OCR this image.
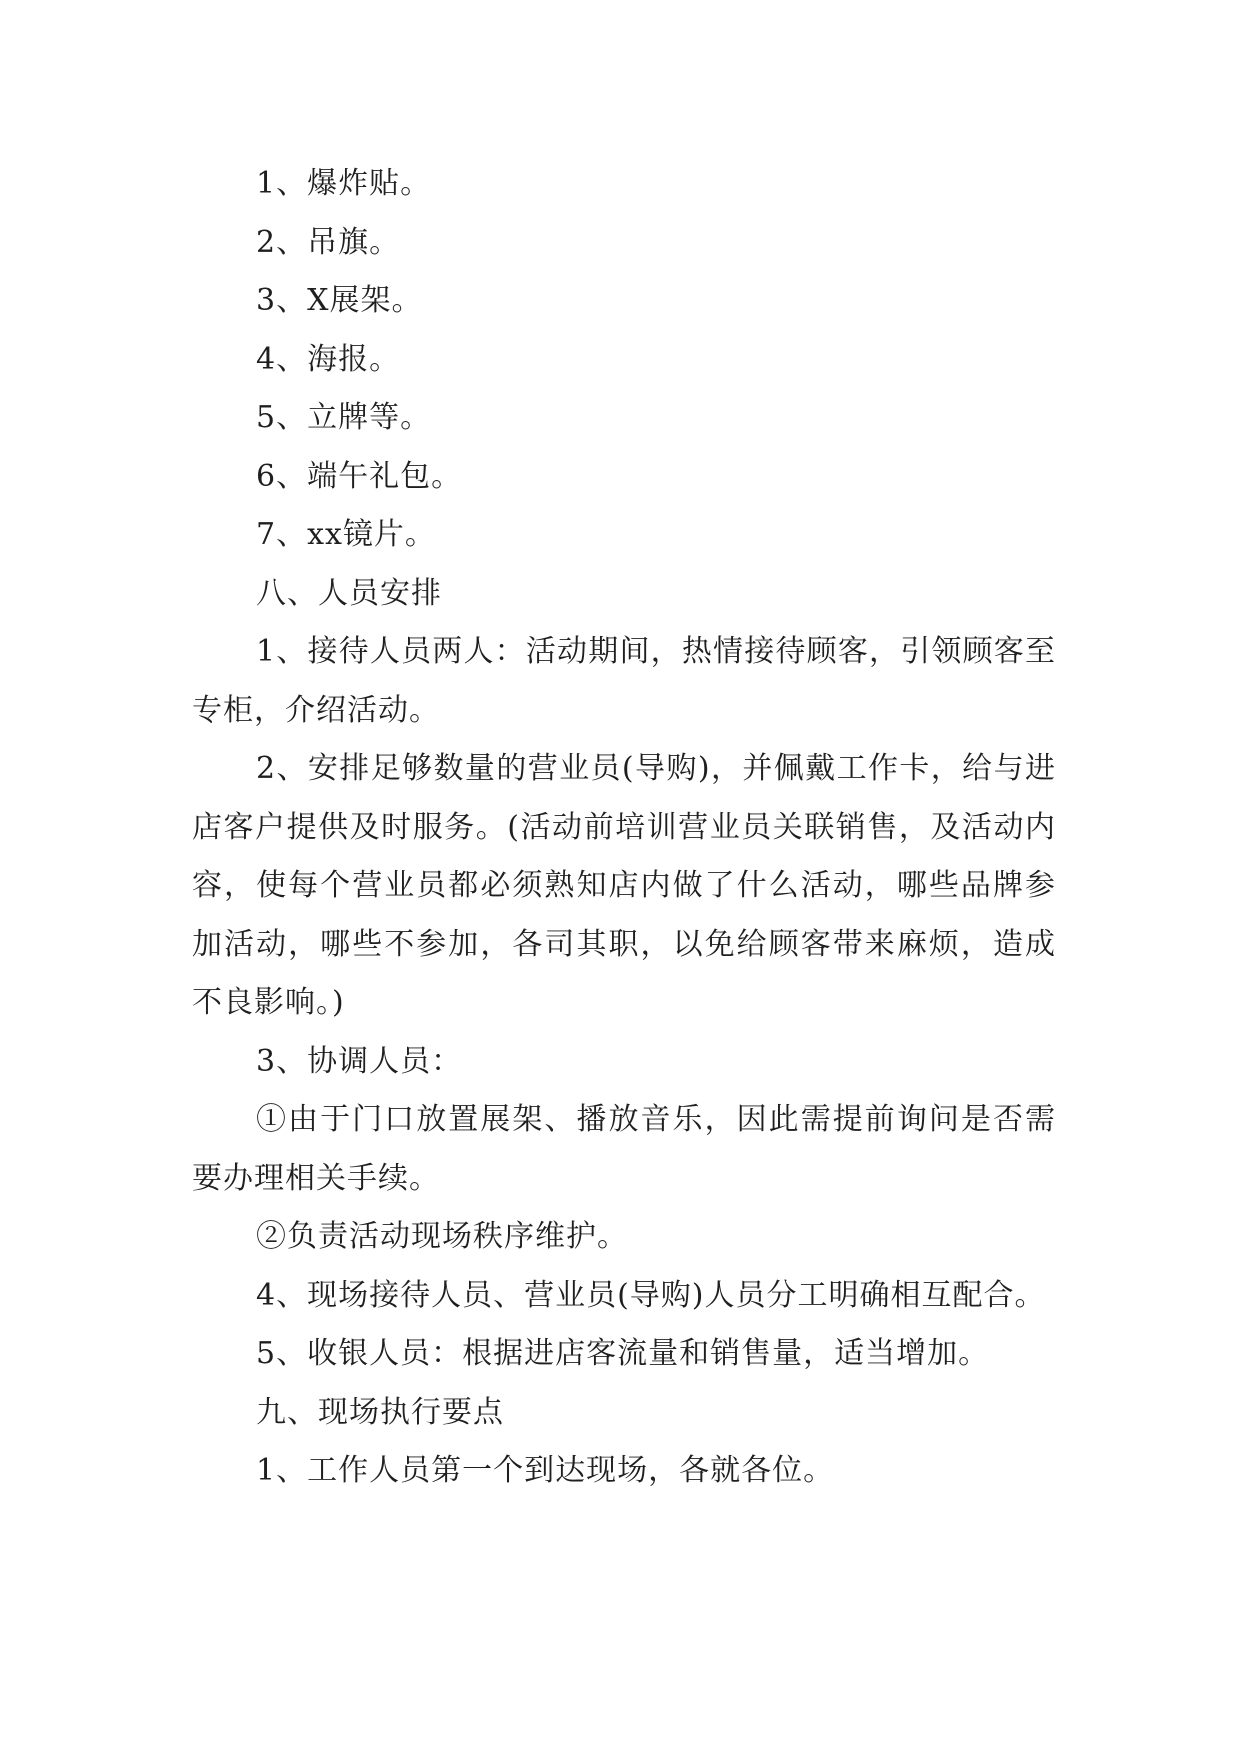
1、爆炸贴。

2、吊旗。

3、X展架。

4、海报。

5、立牌等。

6、端午礼包。

7、xx镜片。

八、人员安排

1、接待人员两人：活动期间，热情接待顾客，引领顾客至专柜，介绍活动。

2、安排足够数量的营业员(导购)，并佩戴工作卡，给与进店客户提供及时服务。(活动前培训营业员关联销售，及活动内容，使每个营业员都必须熟知店内做了什么活动，哪些品牌参加活动，哪些不参加，各司其职，以免给顾客带来麻烦，造成不良影响。)

3、协调人员：

①由于门口放置展架、播放音乐，因此需提前询问是否需要办理相关手续。

②负责活动现场秩序维护。

4、现场接待人员、营业员(导购)人员分工明确相互配合。

5、收银人员：根据进店客流量和销售量，适当增加。

九、现场执行要点

1、工作人员第一个到达现场，各就各位。
